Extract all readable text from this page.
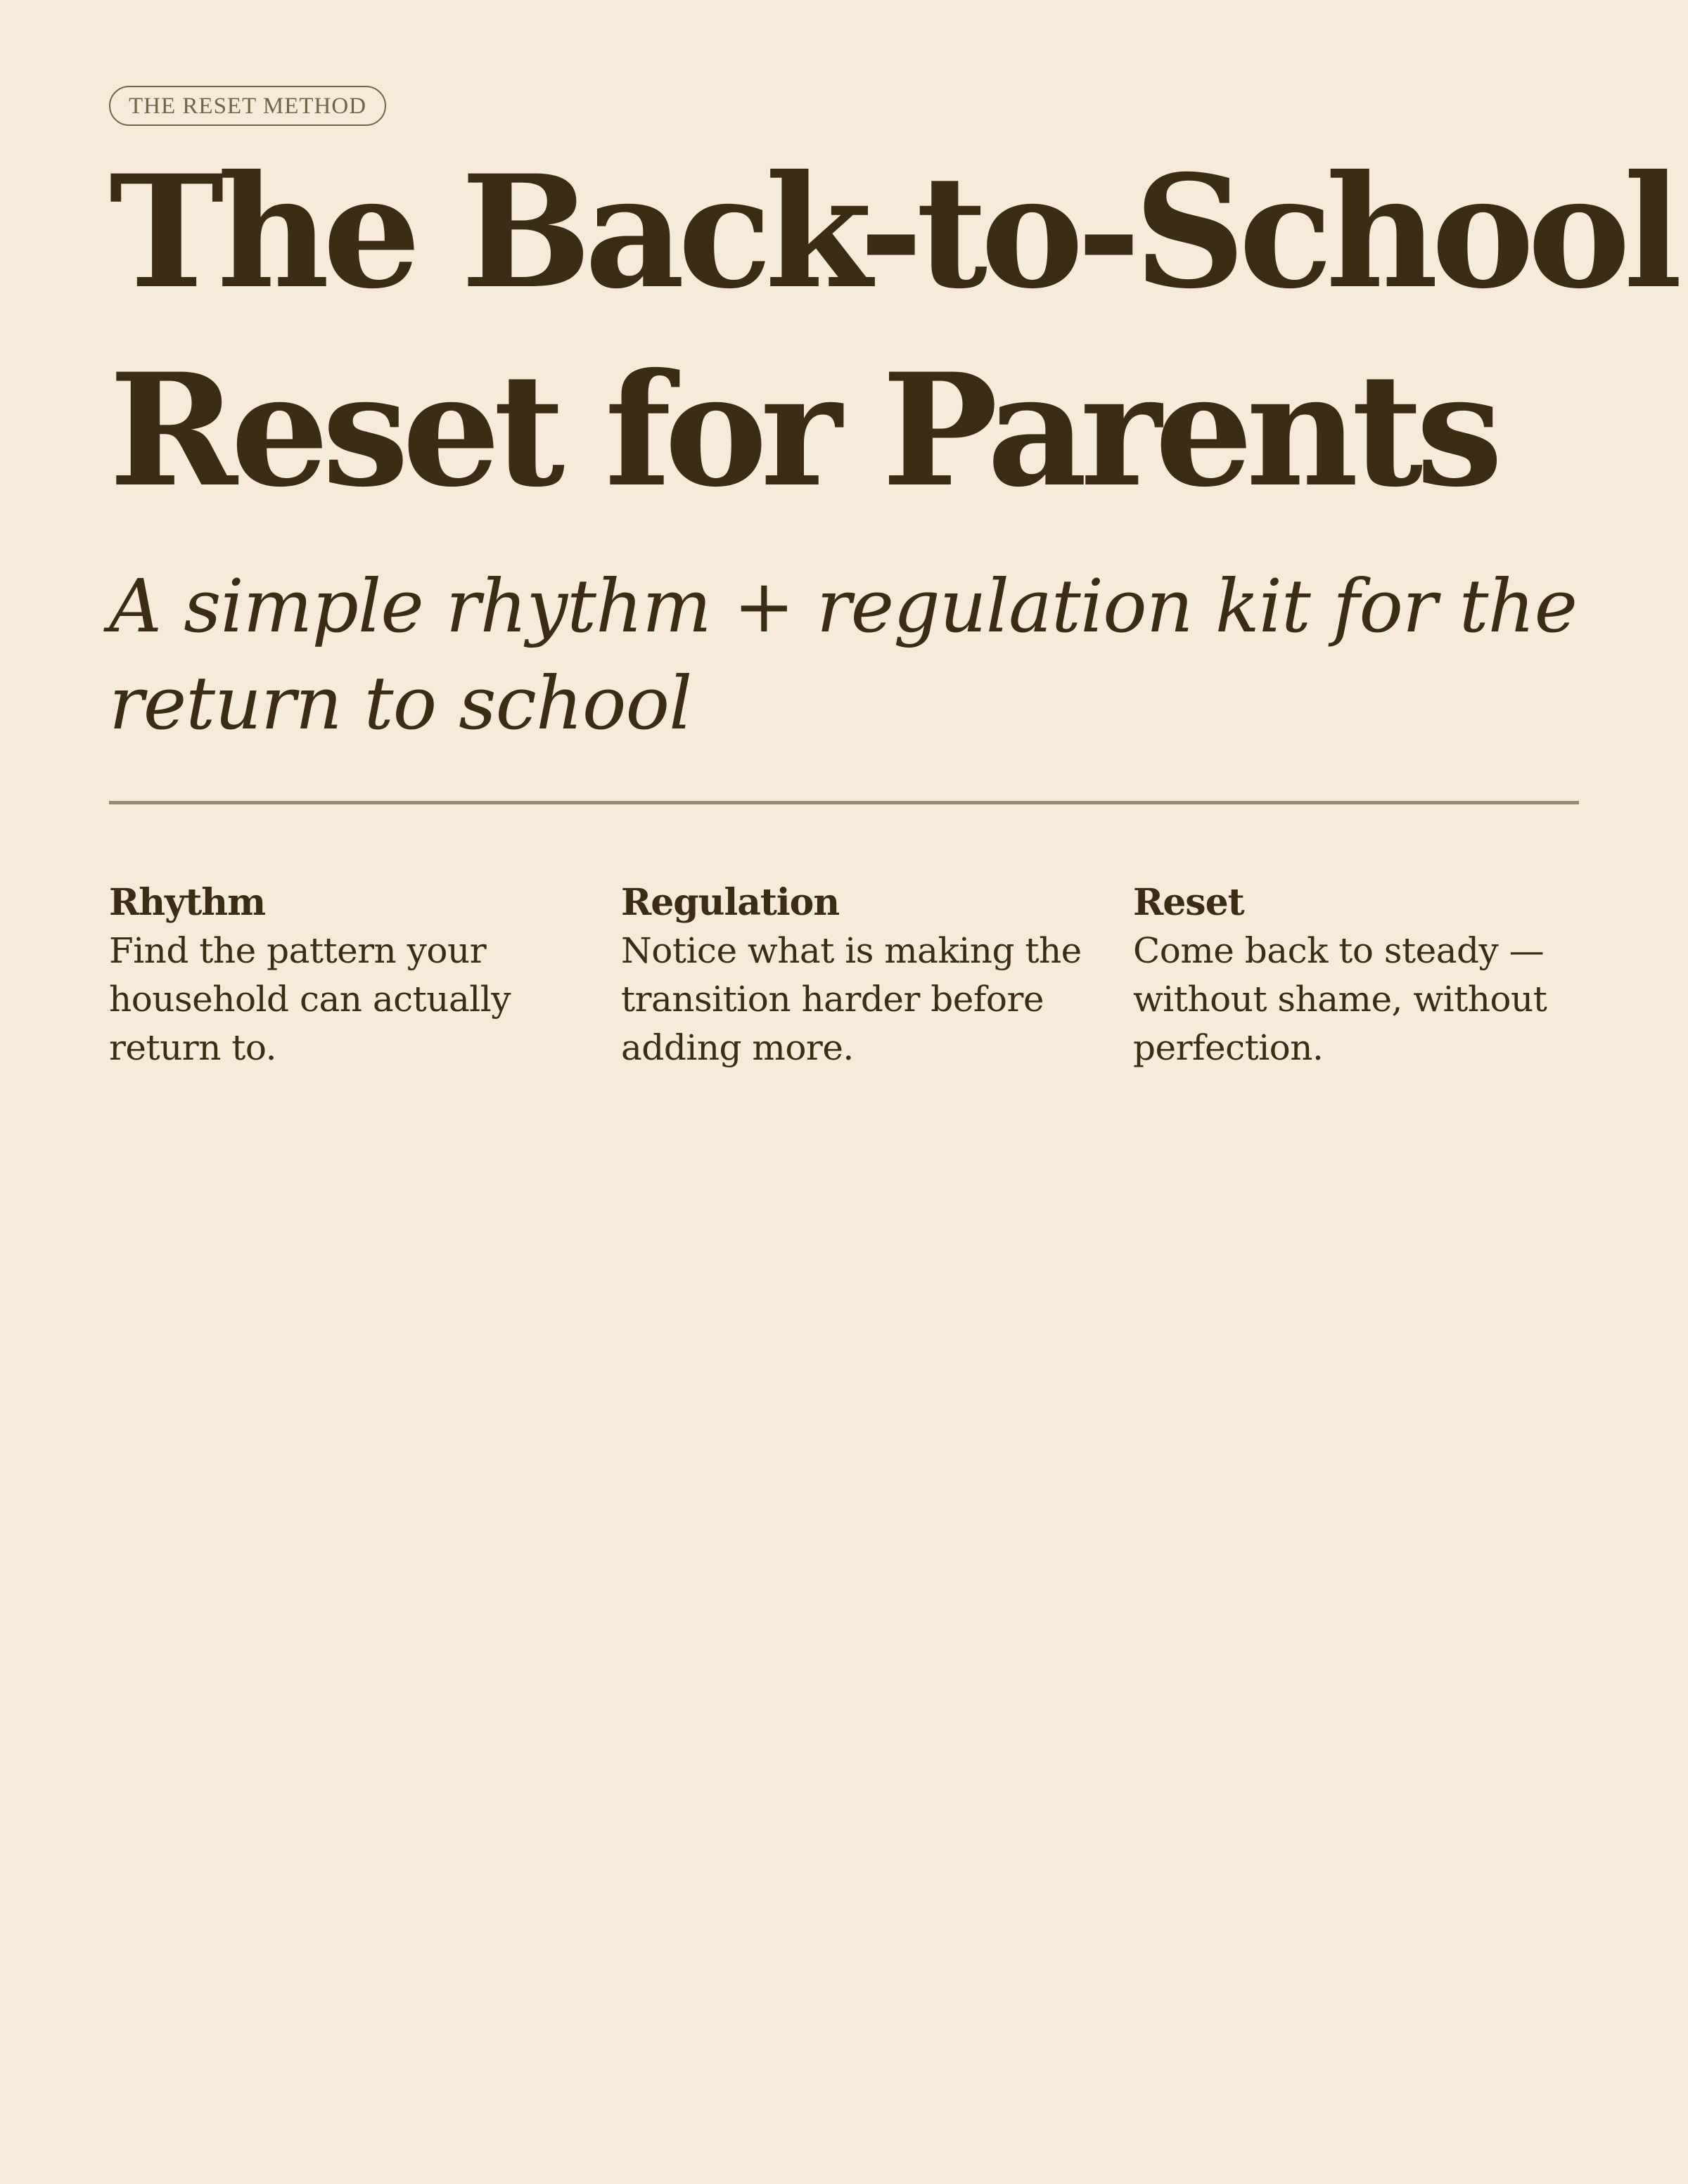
THE RESET METHOD
The Back-to-School
Reset for Parents
A simple rhythm + regulation kit for the return to school
Rhythm
Find the pattern your household can actually return to.
Regulation
Notice what is making the transition harder before adding more.
Reset
Come back to steady — without shame, without perfection.
